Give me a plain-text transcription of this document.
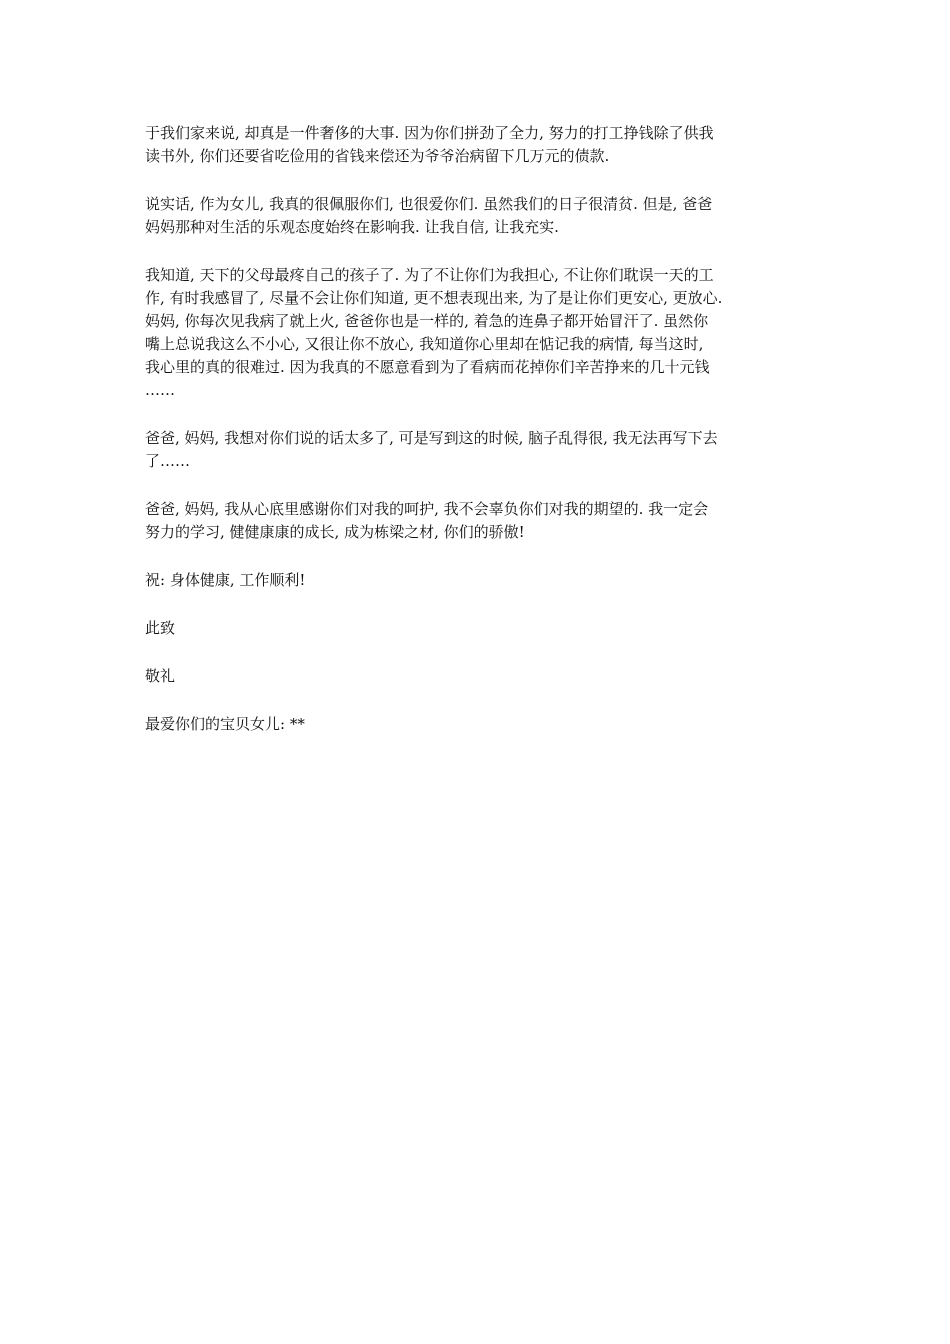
于我们家来说, 却真是一件奢侈的大事. 因为你们拼劲了全力, 努力的打工挣钱除了供我
读书外, 你们还要省吃俭用的省钱来偿还为爷爷治病留下几万元的债款.

说实话, 作为女儿, 我真的很佩服你们, 也很爱你们. 虽然我们的日子很清贫. 但是, 爸爸
妈妈那种对生活的乐观态度始终在影响我. 让我自信, 让我充实.

我知道, 天下的父母最疼自己的孩子了. 为了不让你们为我担心, 不让你们耽误一天的工
作, 有时我感冒了, 尽量不会让你们知道, 更不想表现出来, 为了是让你们更安心, 更放心.
妈妈, 你每次见我病了就上火, 爸爸你也是一样的, 着急的连鼻子都开始冒汗了. 虽然你
嘴上总说我这么不小心, 又很让你不放心, 我知道你心里却在惦记我的病情, 每当这时,
我心里的真的很难过. 因为我真的不愿意看到为了看病而花掉你们辛苦挣来的几十元钱
……

爸爸, 妈妈, 我想对你们说的话太多了, 可是写到这的时候, 脑子乱得很, 我无法再写下去
了……

爸爸, 妈妈, 我从心底里感谢你们对我的呵护, 我不会辜负你们对我的期望的. 我一定会
努力的学习, 健健康康的成长, 成为栋梁之材, 你们的骄傲!

祝: 身体健康, 工作顺利!

此致

敬礼

最爱你们的宝贝女儿: **
